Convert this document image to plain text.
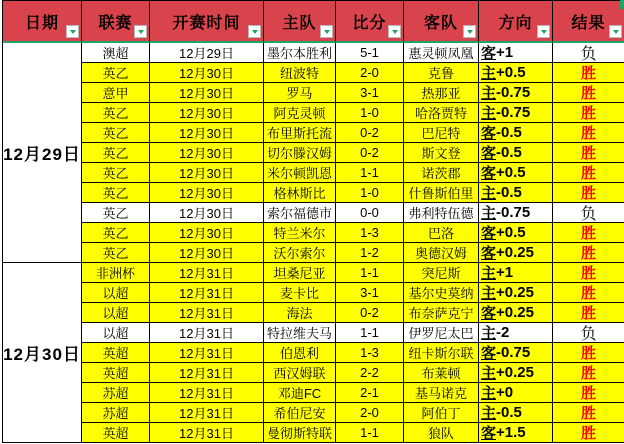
日期 联赛 开赛时间	主队 比分 客队	方向 结果
12月29日
澳超	12月29日	墨尔本胜利	5-1	惠灵顿凤凰 客 +1	负
英乙	12月30日	纽波特	2-0	克鲁	主 +0.5	胜
意甲	12月30日	罗马	3-1	热那亚	主 -0.75	胜
英乙	12月30日	阿克灵顿	1-0	哈洛贾特 主 -0.75	胜
英乙	12月30日	布里斯托流	0-2	巴尼特	客 -0.5	胜
英乙	12月30日	切尔滕汉姆	0-2	斯文登	客 -0.5	胜
英乙	12月30日	米尔顿凯恩	1-1	诺茨郡	客 +0.5	胜
英乙	12月30日	格林斯比	1-0	什鲁斯伯里 主 -0.5	胜
英乙	12月30日	索尔福德市	0-0	弗利特伍德 主 -0.75	负
英乙	12月30日	特兰米尔	1-3	巴洛	客 +0.5	胜
英乙	12月30日	沃尔索尔	1-2	奥德汉姆 客 +0.25	胜
12月30日
非洲杯	12月31日	坦桑尼亚	1-1	突尼斯	主 +1	胜
以超	12月31日	麦卡比	3-1	基尔史莫纳 主 +0.25	胜
以超	12月31日	海法	0-2	布奈萨克宁 客 +0.25	胜
以超	12月31日	特拉维夫马	1-1	伊罗尼太巴 主 -2	负
英超	12月31日	伯恩利	1-3	纽卡斯尔联 客 -0.75	胜
英超	12月31日	西汉姆联	2-2	布莱顿	主 +0.25	胜
苏超	12月31日	邓迪FC	2-1	基马诺克 主 +0	胜
苏超	12月31日	希伯尼安	2-0	阿伯丁	主 -0.5	胜
英超	12月31日	曼彻斯特联	1-1	狼队	客 +1.5	胜
